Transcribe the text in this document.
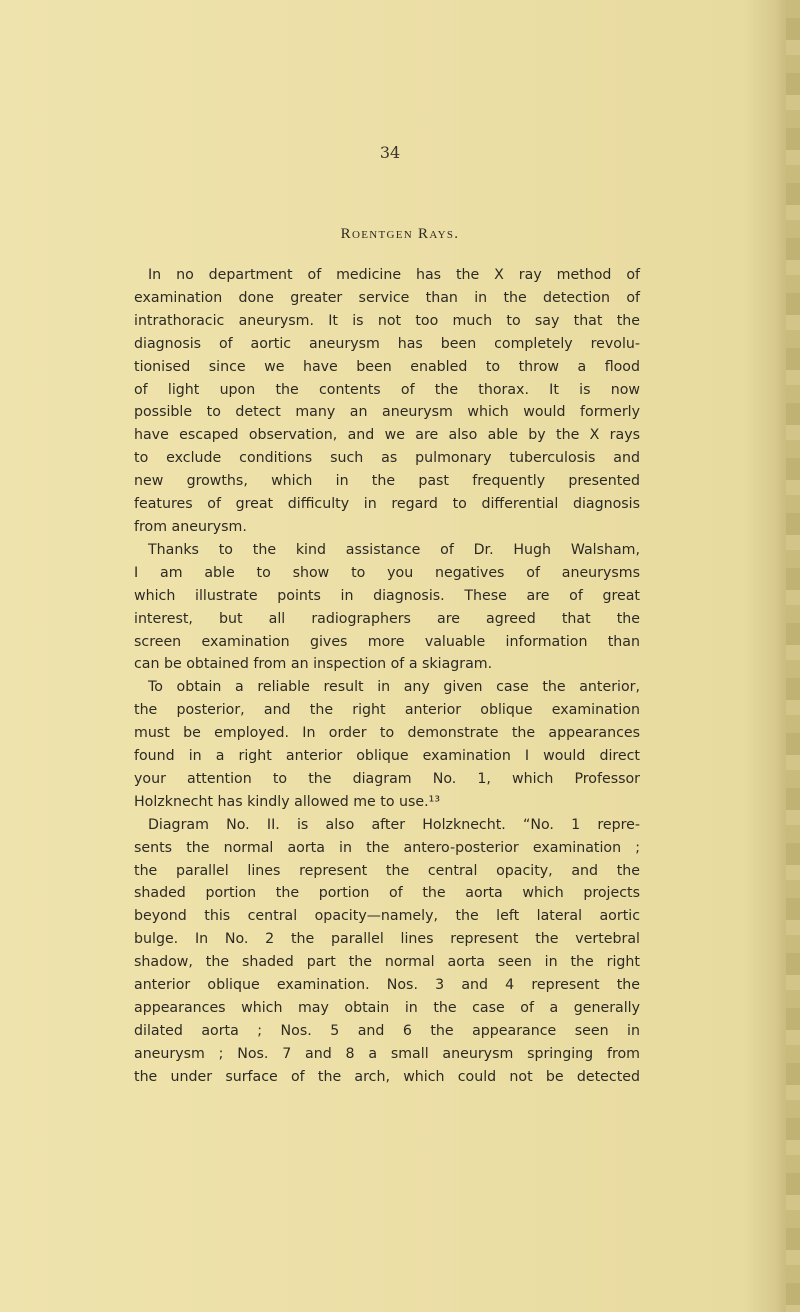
34
Roentgen Rays.
In no department of medicine has the X ray method of
examination done greater service than in the detection of
intrathoracic aneurysm. It is not too much to say that the
diagnosis of aortic aneurysm has been completely revolu-
tionised since we have been enabled to throw a flood
of light upon the contents of the thorax. It is now
possible to detect many an aneurysm which would formerly
have escaped observation, and we are also able by the X rays
to exclude conditions such as pulmonary tuberculosis and
new growths, which in the past frequently presented
features of great difficulty in regard to differential diagnosis
from aneurysm.
Thanks to the kind assistance of Dr. Hugh Walsham,
I am able to show to you negatives of aneurysms
which illustrate points in diagnosis. These are of great
interest, but all radiographers are agreed that the
screen examination gives more valuable information than
can be obtained from an inspection of a skiagram.
To obtain a reliable result in any given case the anterior,
the posterior, and the right anterior oblique examination
must be employed. In order to demonstrate the appearances
found in a right anterior oblique examination I would direct
your attention to the diagram No. 1, which Professor
Holzknecht has kindly allowed me to use.¹³
Diagram No. II. is also after Holzknecht. “No. 1 repre-
sents the normal aorta in the antero-posterior examination ;
the parallel lines represent the central opacity, and the
shaded portion the portion of the aorta which projects
beyond this central opacity—namely, the left lateral aortic
bulge. In No. 2 the parallel lines represent the vertebral
shadow, the shaded part the normal aorta seen in the right
anterior oblique examination. Nos. 3 and 4 represent the
appearances which may obtain in the case of a generally
dilated aorta ; Nos. 5 and 6 the appearance seen in
aneurysm ; Nos. 7 and 8 a small aneurysm springing from
the under surface of the arch, which could not be detected
